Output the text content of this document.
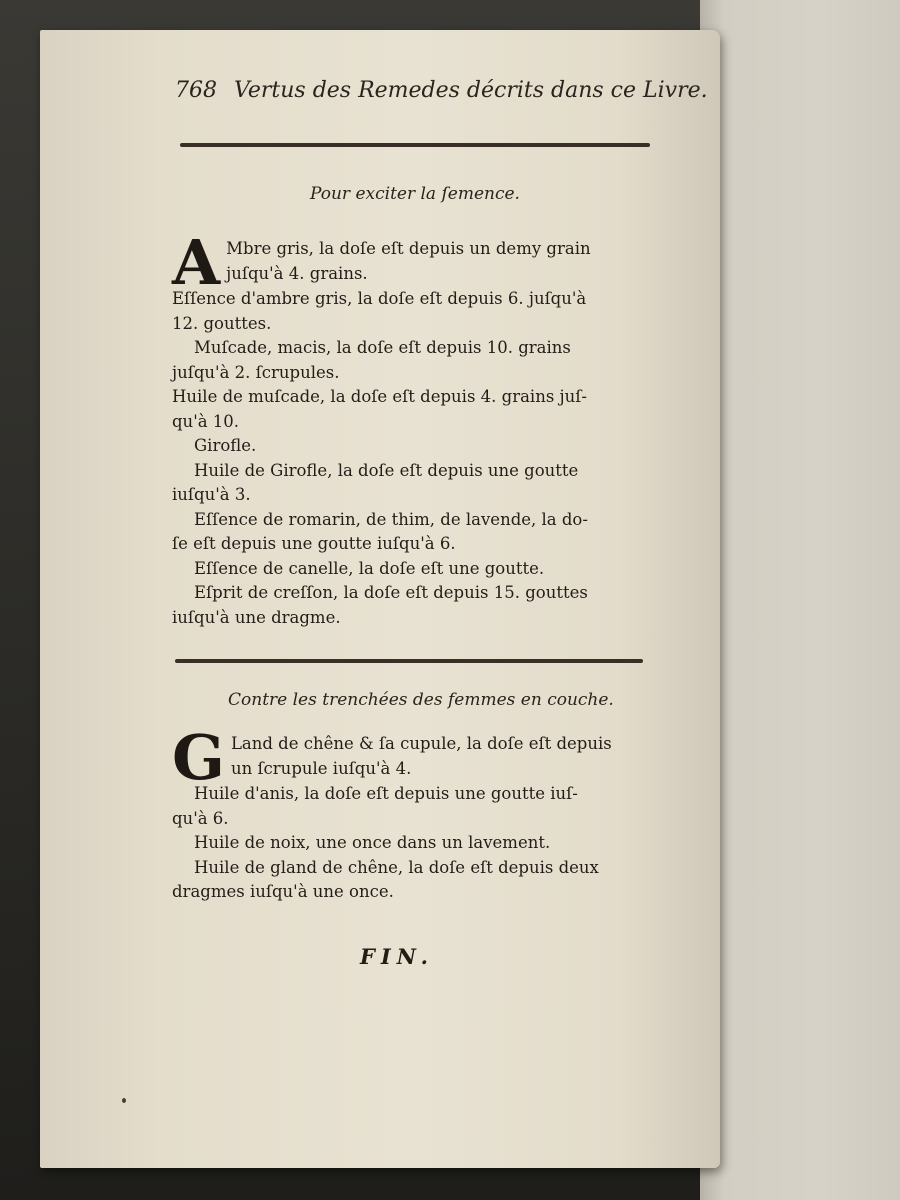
768 Vertus des Remedes décrits dans ce Livre.
Pour exciter la ſemence.
A Mbre gris, la doſe eſt depuis un demy grain
juſqu'à 4. grains.
Eſſence d'ambre gris, la doſe eſt depuis 6. juſqu'à
12. gouttes.
Muſcade, macis, la doſe eſt depuis 10. grains
juſqu'à 2. ſcrupules.
Huile de muſcade, la doſe eſt depuis 4. grains juſ-
qu'à 10.
Girofle.
Huile de Girofle, la doſe eſt depuis une goutte
iuſqu'à 3.
Eſſence de romarin, de thim, de lavende, la do-
ſe eſt depuis une goutte iuſqu'à 6.
Eſſence de canelle, la doſe eſt une goutte.
Eſprit de creſſon, la doſe eſt depuis 15. gouttes
iuſqu'à une dragme.
Contre les trenchées des femmes en couche.
G Land de chêne & ſa cupule, la doſe eſt depuis
un ſcrupule iuſqu'à 4.
Huile d'anis, la doſe eſt depuis une goutte iuſ-
qu'à 6.
Huile de noix, une once dans un lavement.
Huile de gland de chêne, la doſe eſt depuis deux
dragmes iuſqu'à une once.
FIN.
